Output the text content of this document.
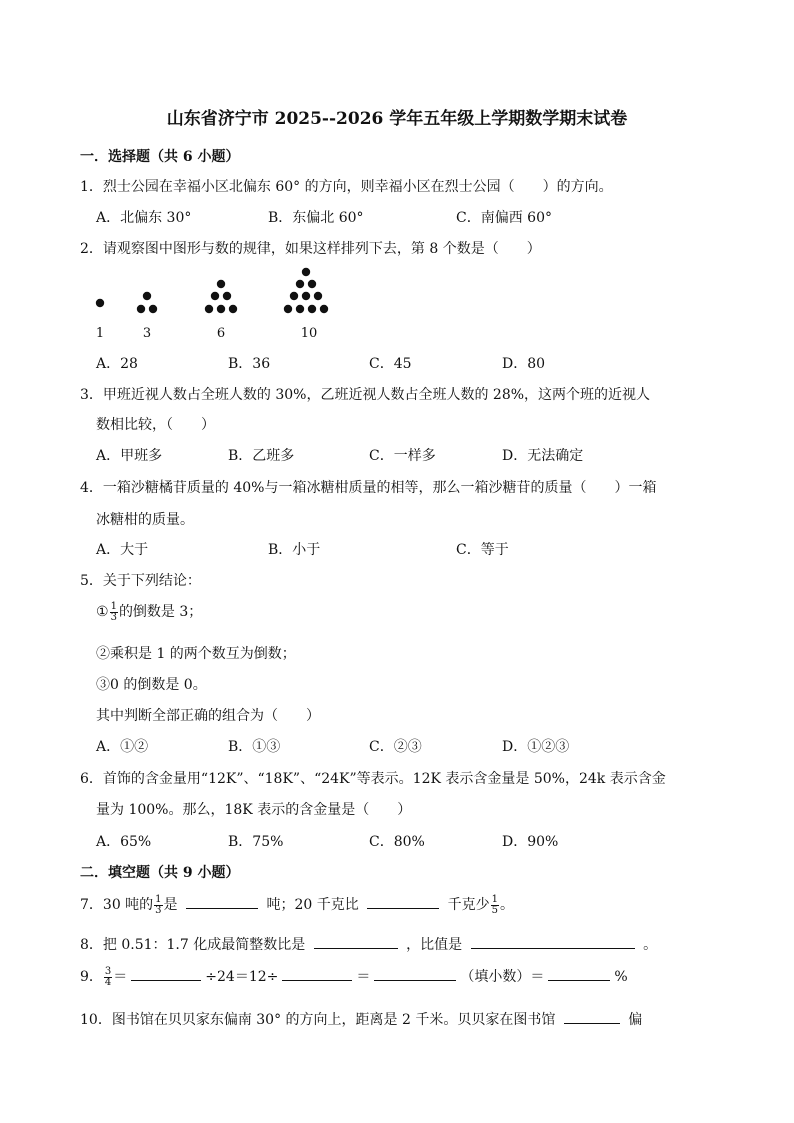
山东省济宁市 2025--2026 学年五年级上学期数学期末试卷
一．选择题（共 6 小题）
1．烈士公园在幸福小区北偏东 60° 的方向，则幸福小区在烈士公园（　　）的方向。
A．北偏东 30°	B．东偏北 60°	C．南偏西 60°
2．请观察图中图形与数的规律，如果这样排列下去，第 8 个数是（　　）
1	3	6	10
A．28	B．36	C．45	D．80
3．甲班近视人数占全班人数的 30%，乙班近视人数占全班人数的 28%，这两个班的近视人
数相比较，（　　）
A．甲班多	B．乙班多	C．一样多	D．无法确定
4．一箱沙糖橘苷质量的 40%与一箱冰糖柑质量的相等，那么一箱沙糖苷的质量（　　）一箱
冰糖柑的质量。
A．大于	B．小于	C．等于
5．关于下列结论：
① $\frac{1}{3}$ 的倒数是 3；
②乘积是 1 的两个数互为倒数；
③0 的倒数是 0。
其中判断全部正确的组合为（　　）
A．①②	B．①③	C．②③	D．①②③
6．首饰的含金量用“12K”、“18K”、“24K”等表示。12K 表示含金量是 50%，24k 表示含金
量为 100%。那么，18K 表示的含金量是（　　）
A．65%	B．75%	C．80%	D．90%
二．填空题（共 9 小题）
7．30 吨的 $\frac{1}{3}$ 是	吨；20 千克比	千克少 $\frac{1}{5}$ 。
8．把 0.51：1.7 化成最简整数比是	，比值是	。
9． $\frac{3}{4}$ ＝	÷24＝12÷	＝	（填小数）＝	%
10．图书馆在贝贝家东偏南 30° 的方向上，距离是 2 千米。贝贝家在图书馆	偏
